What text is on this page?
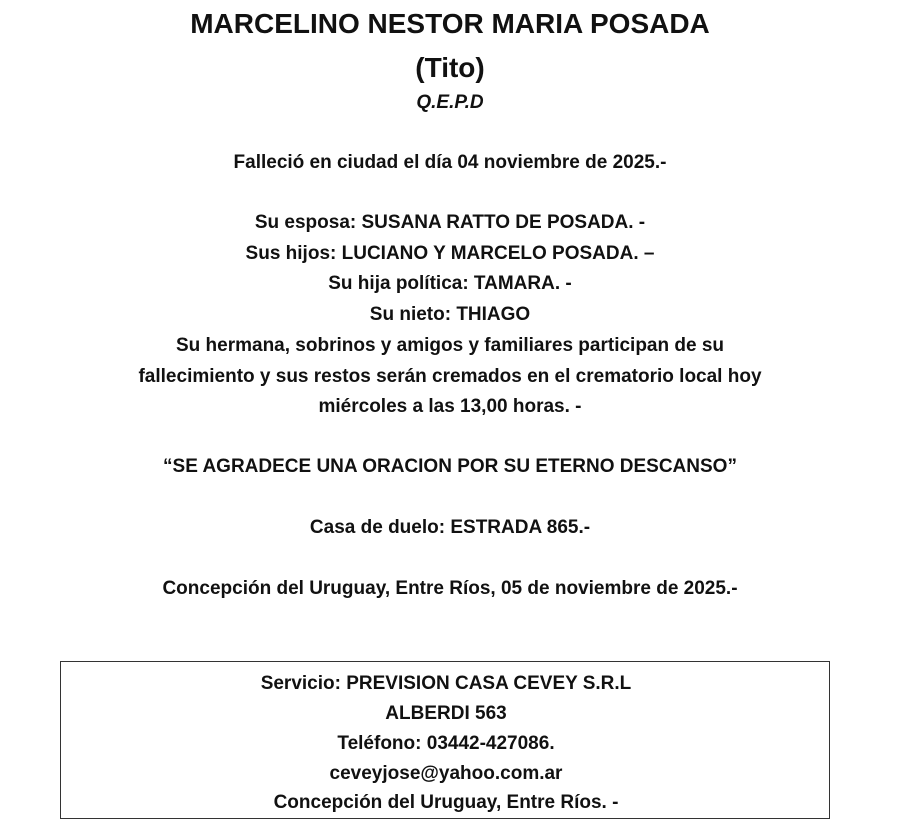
MARCELINO NESTOR MARIA POSADA
(Tito)
Q.E.P.D
Falleció en ciudad el día 04 noviembre de 2025.-
Su esposa: SUSANA RATTO DE POSADA. -
Sus hijos: LUCIANO Y MARCELO POSADA. –
Su hija política: TAMARA. -
Su nieto: THIAGO
Su hermana, sobrinos y amigos y familiares participan de su
fallecimiento y sus restos serán cremados en el crematorio local hoy
miércoles a las 13,00 horas. -
“SE AGRADECE UNA ORACION POR SU ETERNO DESCANSO”
Casa de duelo: ESTRADA 865.-
Concepción del Uruguay, Entre Ríos, 05 de noviembre de 2025.-
Servicio: PREVISION CASA CEVEY S.R.L
ALBERDI 563
Teléfono: 03442-427086.
ceveyjose@yahoo.com.ar
Concepción del Uruguay, Entre Ríos. -
